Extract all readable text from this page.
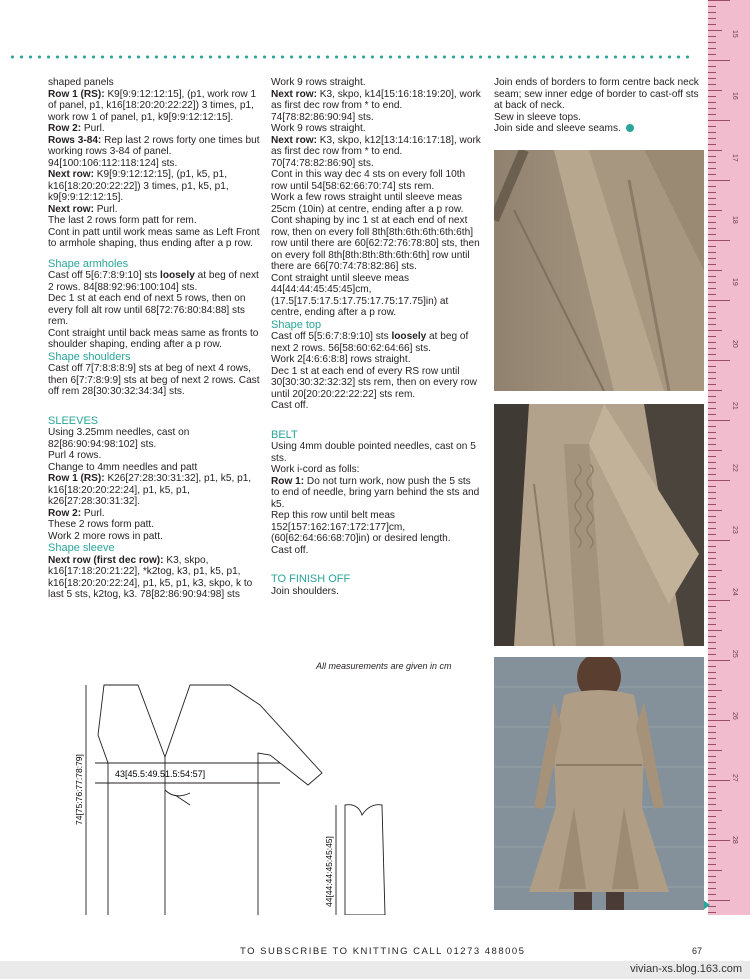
15
16
17
18
19
20
21
22
23
24
25
26
27
28

shaped panels

Row 1 (RS): K9[9:9:12:12:15], (p1, work row 1 of panel, p1, k16[18:20:20:22:22]) 3 times, p1, work row 1 of panel, p1, k9[9:9:12:12:15].

Row 2: Purl.

Rows 3-84: Rep last 2 rows forty one times but working rows 3-84 of panel. 94[100:106:112:118:124] sts.

Next row: K9[9:9:12:12:15], (p1, k5, p1, k16[18:20:20:22:22]) 3 times, p1, k5, p1, k9[9:9:12:12:15].

Next row: Purl.

The last 2 rows form patt for rem.

Cont in patt until work meas same as Left Front to armhole shaping, thus ending after a p row.

Shape armholes

Cast off 5[6:7:8:9:10] sts loosely at beg of next 2 rows. 84[88:92:96:100:104] sts.

Dec 1 st at each end of next 5 rows, then on every foll alt row until 68[72:76:80:84:88] sts rem.

Cont straight until back meas same as fronts to shoulder shaping, ending after a p row.

Shape shoulders

Cast off 7[7:8:8:8:9] sts at beg of next 4 rows, then 6[7:7:8:9:9] sts at beg of next 2 rows. Cast off rem 28[30:30:32:34:34] sts.

SLEEVES

Using 3.25mm needles, cast on 82[86:90:94:98:102] sts.

Purl 4 rows.

Change to 4mm needles and patt

Row 1 (RS): K26[27:28:30:31:32], p1, k5, p1, k16[18:20:20:22:24], p1, k5, p1, k26[27:28:30:31:32].

Row 2: Purl.

These 2 rows form patt.

Work 2 more rows in patt.

Shape sleeve

Next row (first dec row): K3, skpo, k16[17:18:20:21:22], *k2tog, k3, p1, k5, p1, k16[18:20:20:22:24], p1, k5, p1, k3, skpo, k to last 5 sts, k2tog, k3. 78[82:86:90:94:98] sts

Work 9 rows straight.

Next row: K3, skpo, k14[15:16:18:19:20], work as first dec row from * to end. 74[78:82:86:90:94] sts.

Work 9 rows straight.

Next row: K3, skpo, k12[13:14:16:17:18], work as first dec row from * to end. 70[74:78:82:86:90] sts.

Cont in this way dec 4 sts on every foll 10th row until 54[58:62:66:70:74] sts rem.

Work a few rows straight until sleeve meas 25cm (10in) at centre, ending after a p row.

Cont shaping by inc 1 st at each end of next row, then on every foll 8th[8th:6th:6th:6th:6th] row until there are 60[62:72:76:78:80] sts, then on every foll 8th[8th:8th:8th:6th:6th] row until there are 66[70:74:78:82:86] sts.

Cont straight until sleeve meas 44[44:44:45:45:45]cm, (17.5[17.5:17.5:17.75:17.75:17.75]in) at centre, ending after a p row.

Shape top

Cast off 5[5:6:7:8:9:10] sts loosely at beg of next 2 rows. 56[58:60:62:64:66] sts.

Work 2[4:6:6:8:8] rows straight.

Dec 1 st at each end of every RS row until 30[30:30:32:32:32] sts rem, then on every row until 20[20:20:22:22:22] sts rem.

Cast off.

BELT

Using 4mm double pointed needles, cast on 5 sts.

Work i-cord as folls:

Row 1: Do not turn work, now push the 5 sts to end of needle, bring yarn behind the sts and k5.

Rep this row until belt meas 152[157:162:167:172:177]cm, (60[62:64:66:68:70]in) or desired length.

Cast off.

TO FINISH OFF

Join shoulders.

Join ends of borders to form centre back neck seam; sew inner edge of border to cast-off sts at back of neck.

Sew in sleeve tops.

Join side and sleeve seams.

All measurements are given in cm
43[45.5:49.51.5:54:57]
74[75:76:77:78:79]
44[44:44:45:45:45]
TO SUBSCRIBE TO KNITTING CALL 01273 488005	67
vivian-xs.blog.163.com
